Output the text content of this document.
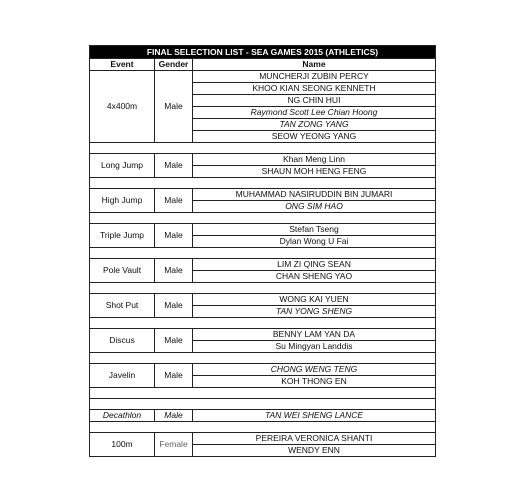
FINAL SELECTION LIST - SEA GAMES 2015 (ATHLETICS)		
Event	Gender	Name
4x400m	Male	MUNCHERJI ZUBIN PERCY
		KHOO KIAN SEONG KENNETH
		NG CHIN HUI
		Raymond Scott Lee Chian Hoong
		TAN ZONG YANG
		SEOW YEONG YANG

Long Jump	Male	Khan Meng Linn
		SHAUN MOH HENG FENG

High Jump	Male	MUHAMMAD NASIRUDDIN BIN JUMARI
		ONG SIM HAO

Triple Jump	Male	Stefan Tseng
		Dylan Wong U Fai

Pole Vault	Male	LIM ZI QING SEAN
		CHAN SHENG YAO

Shot Put	Male	WONG KAI YUEN
		TAN YONG SHENG

Discus	Male	BENNY LAM YAN DA
		Su Mingyan Landdis

Javelin	Male	CHONG WENG TENG
		KOH THONG EN

Decathlon	Male	TAN WEI SHENG LANCE

100m	Female	PEREIRA VERONICA SHANTI
		WENDY ENN
